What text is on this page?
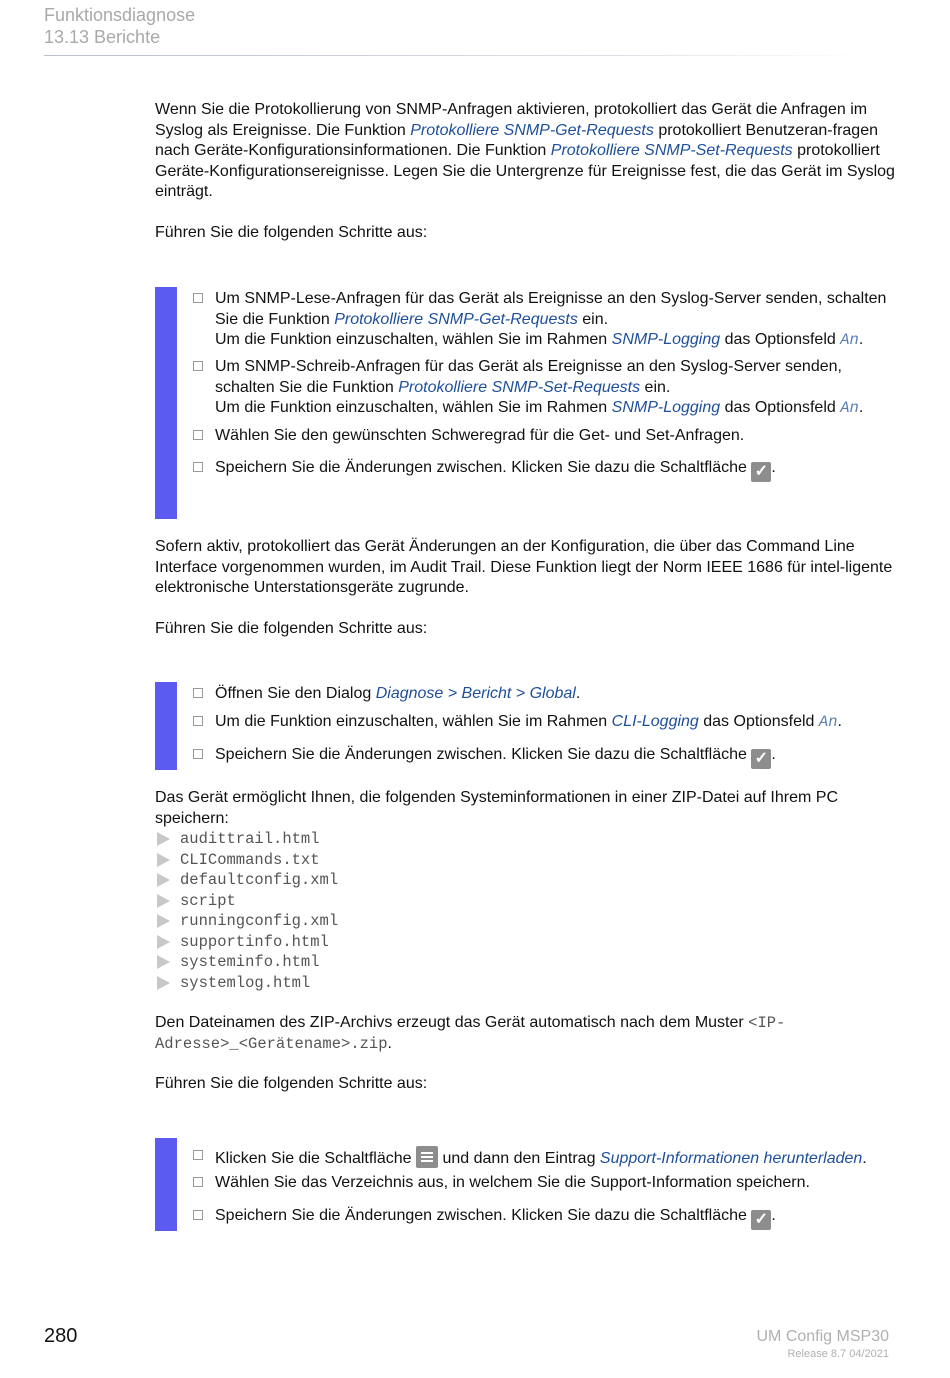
Funktionsdiagnose
13.13 Berichte
Wenn Sie die Protokollierung von SNMP-Anfragen aktivieren, protokolliert das Gerät die Anfragen im Syslog als Ereignisse. Die Funktion Protokolliere SNMP-Get-Requests protokolliert Benutzeran-fragen nach Geräte-Konfigurationsinformationen. Die Funktion Protokolliere SNMP-Set-Requests protokolliert Geräte-Konfigurationsereignisse. Legen Sie die Untergrenze für Ereignisse fest, die das Gerät im Syslog einträgt.
Führen Sie die folgenden Schritte aus:
Um SNMP-Lese-Anfragen für das Gerät als Ereignisse an den Syslog-Server senden, schalten Sie die Funktion Protokolliere SNMP-Get-Requests ein.
Um die Funktion einzuschalten, wählen Sie im Rahmen SNMP-Logging das Optionsfeld An.
Um SNMP-Schreib-Anfragen für das Gerät als Ereignisse an den Syslog-Server senden, schalten Sie die Funktion Protokolliere SNMP-Set-Requests ein.
Um die Funktion einzuschalten, wählen Sie im Rahmen SNMP-Logging das Optionsfeld An.
Wählen Sie den gewünschten Schweregrad für die Get- und Set-Anfragen.
Speichern Sie die Änderungen zwischen. Klicken Sie dazu die Schaltfläche ✓ .
Sofern aktiv, protokolliert das Gerät Änderungen an der Konfiguration, die über das Command Line Interface vorgenommen wurden, im Audit Trail. Diese Funktion liegt der Norm IEEE 1686 für intel-ligente elektronische Unterstationsgeräte zugrunde.
Führen Sie die folgenden Schritte aus:
Öffnen Sie den Dialog Diagnose > Bericht > Global.
Um die Funktion einzuschalten, wählen Sie im Rahmen CLI-Logging das Optionsfeld An.
Speichern Sie die Änderungen zwischen. Klicken Sie dazu die Schaltfläche ✓ .
Das Gerät ermöglicht Ihnen, die folgenden Systeminformationen in einer ZIP-Datei auf Ihrem PC speichern:
audittrail.html
CLICommands.txt
defaultconfig.xml
script
runningconfig.xml
supportinfo.html
systeminfo.html
systemlog.html
Den Dateinamen des ZIP-Archivs erzeugt das Gerät automatisch nach dem Muster <IP-
Adresse>_<Gerätename>.zip.
Führen Sie die folgenden Schritte aus:
Klicken Sie die Schaltfläche
und dann den Eintrag Support-Informationen herunterladen.
Wählen Sie das Verzeichnis aus, in welchem Sie die Support-Information speichern.
Speichern Sie die Änderungen zwischen. Klicken Sie dazu die Schaltfläche ✓ .
280	UM Config MSP30
Release 8.7 04/2021
